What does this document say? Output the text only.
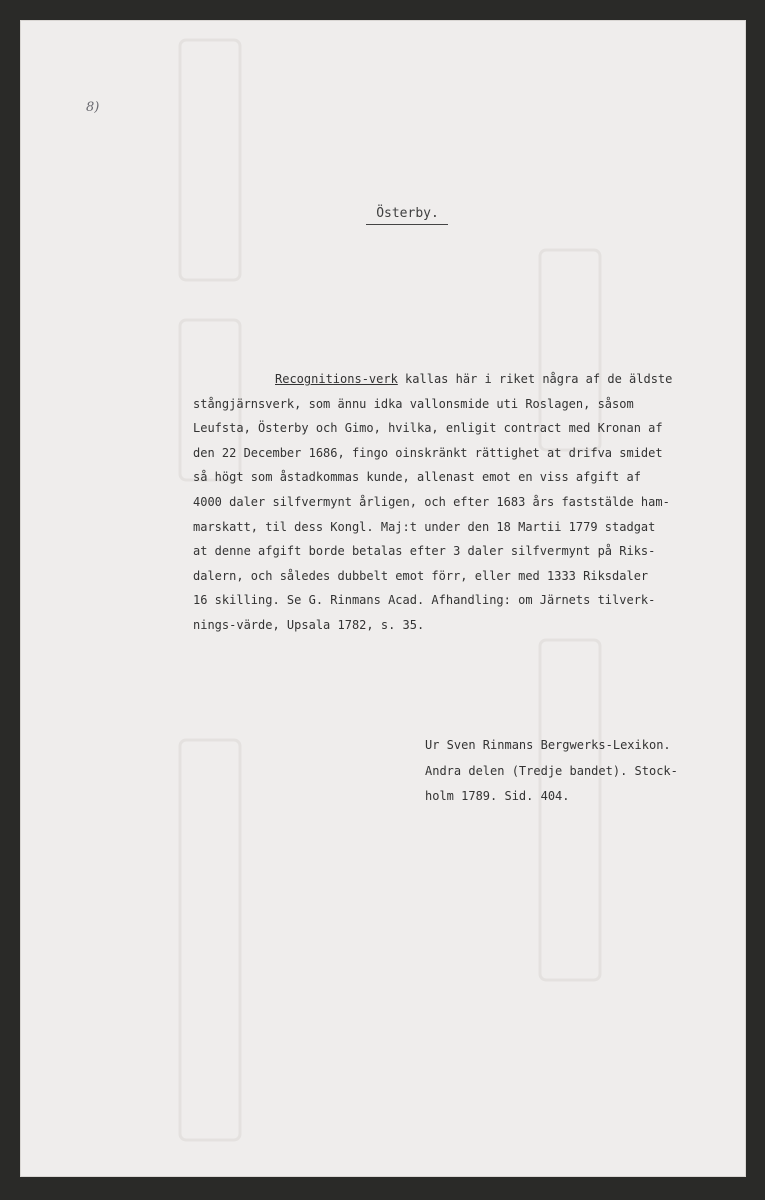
8)
Österby.
Recognitions-verk kallas här i riket några af de äldste
stångjärnsverk, som ännu idka vallonsmide uti Roslagen, såsom
Leufsta, Österby och Gimo, hvilka, enligit contract med Kronan af
den 22 December 1686, fingo oinskränkt rättighet at drifva smidet
så högt som åstadkommas kunde, allenast emot en viss afgift af
4000 daler silfvermynt årligen, och efter 1683 års faststälde ham-
marskatt, til dess Kongl. Maj:t under den 18 Martii 1779 stadgat
at denne afgift borde betalas efter 3 daler silfvermynt på Riks-
dalern, och således dubbelt emot förr, eller med 1333 Riksdaler
16 skilling. Se G. Rinmans Acad. Afhandling: om Järnets tilverk-
nings-värde, Upsala 1782, s. 35.
Ur Sven Rinmans Bergwerks-Lexikon.
Andra delen (Tredje bandet). Stock-
holm 1789. Sid. 404.
